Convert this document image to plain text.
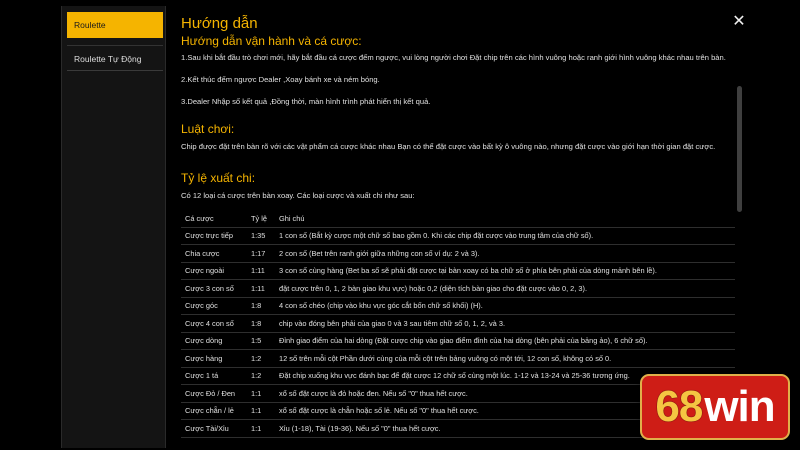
Roulette
Roulette Tự Động
Hướng dẫn
Hướng dẫn vận hành và cá cược:
1.Sau khi bắt đầu trò chơi mới, hãy bắt đầu cá cược đếm ngược, vui lòng người chơi Đặt chip trên các hình vuông hoặc ranh giới hình vuông khác nhau trên bàn.
2.Kết thúc đếm ngược Dealer ,Xoay bánh xe và ném bóng.
3.Dealer Nhập số kết quả ,Đồng thời, màn hình trình phát hiển thị kết quả.
Luật chơi:
Chip được đặt trên bàn rõ với các vật phẩm cá cược khác nhau Bạn có thể đặt cược vào bất kỳ ô vuông nào, nhưng đặt cược vào giới hạn thời gian đặt cược.
Tỷ lệ xuất chi:
Có 12 loại cá cược trên bàn xoay. Các loại cược và xuất chi như sau:
Cá cược	Tỷ lệ	Ghi chú
Cược trực tiếp	1:35	1 con số (Bắt kỳ cược một chữ số bao gồm 0. Khi các chip đặt cược vào trung tâm của chữ số).
Chia cược	1:17	2 con số (Bet trên ranh giới giữa những con số ví dụ: 2 và 3).
Cược ngoài	1:11	3 con số cùng hàng (Bet ba số sẽ phải đặt cược tại bàn xoay có ba chữ số ở phía bên phải của dòng mảnh bên lề).
Cược 3 con số	1:11	đặt cược trên 0, 1, 2 bàn giao khu vực) hoặc 0,2 (diện tích bàn giao cho đặt cược vào 0, 2, 3).
Cược góc	1:8	4 con số chéo (chip vào khu vực góc cắt bốn chữ số khối) (H).
Cược 4 con số	1:8	chip vào đóng bên phải của giao 0 và 3 sau tiêm chữ số 0, 1, 2, và 3.
Cược dòng	1:5	Đỉnh giao điểm của hai dòng (Đặt cược chip vào giao điểm đỉnh của hai dòng (bên phải của bảng ảo), 6 chữ số).
Cược hàng	1:2	12 số trên mỗi cột Phần dưới cùng của mỗi cột trên bảng vuông có một tới, 12 con số, không có số 0.
Cược 1 tá	1:2	Đặt chip xuống khu vực đánh bạc để đặt cược 12 chữ số cùng một lúc. 1-12 và 13-24 và 25-36 tương ứng.
Cược Đỏ / Đen	1:1	xổ số đặt cược là đỏ hoặc đen. Nếu số "0" thua hết cược.
Cược chẵn / lẻ	1:1	xổ số đặt cược là chẵn hoặc số lẻ. Nếu số "0" thua hết cược.
Cược Tài/Xỉu	1:1	Xỉu (1-18), Tài (19-36). Nếu số "0" thua hết cược.
✕
68 win
